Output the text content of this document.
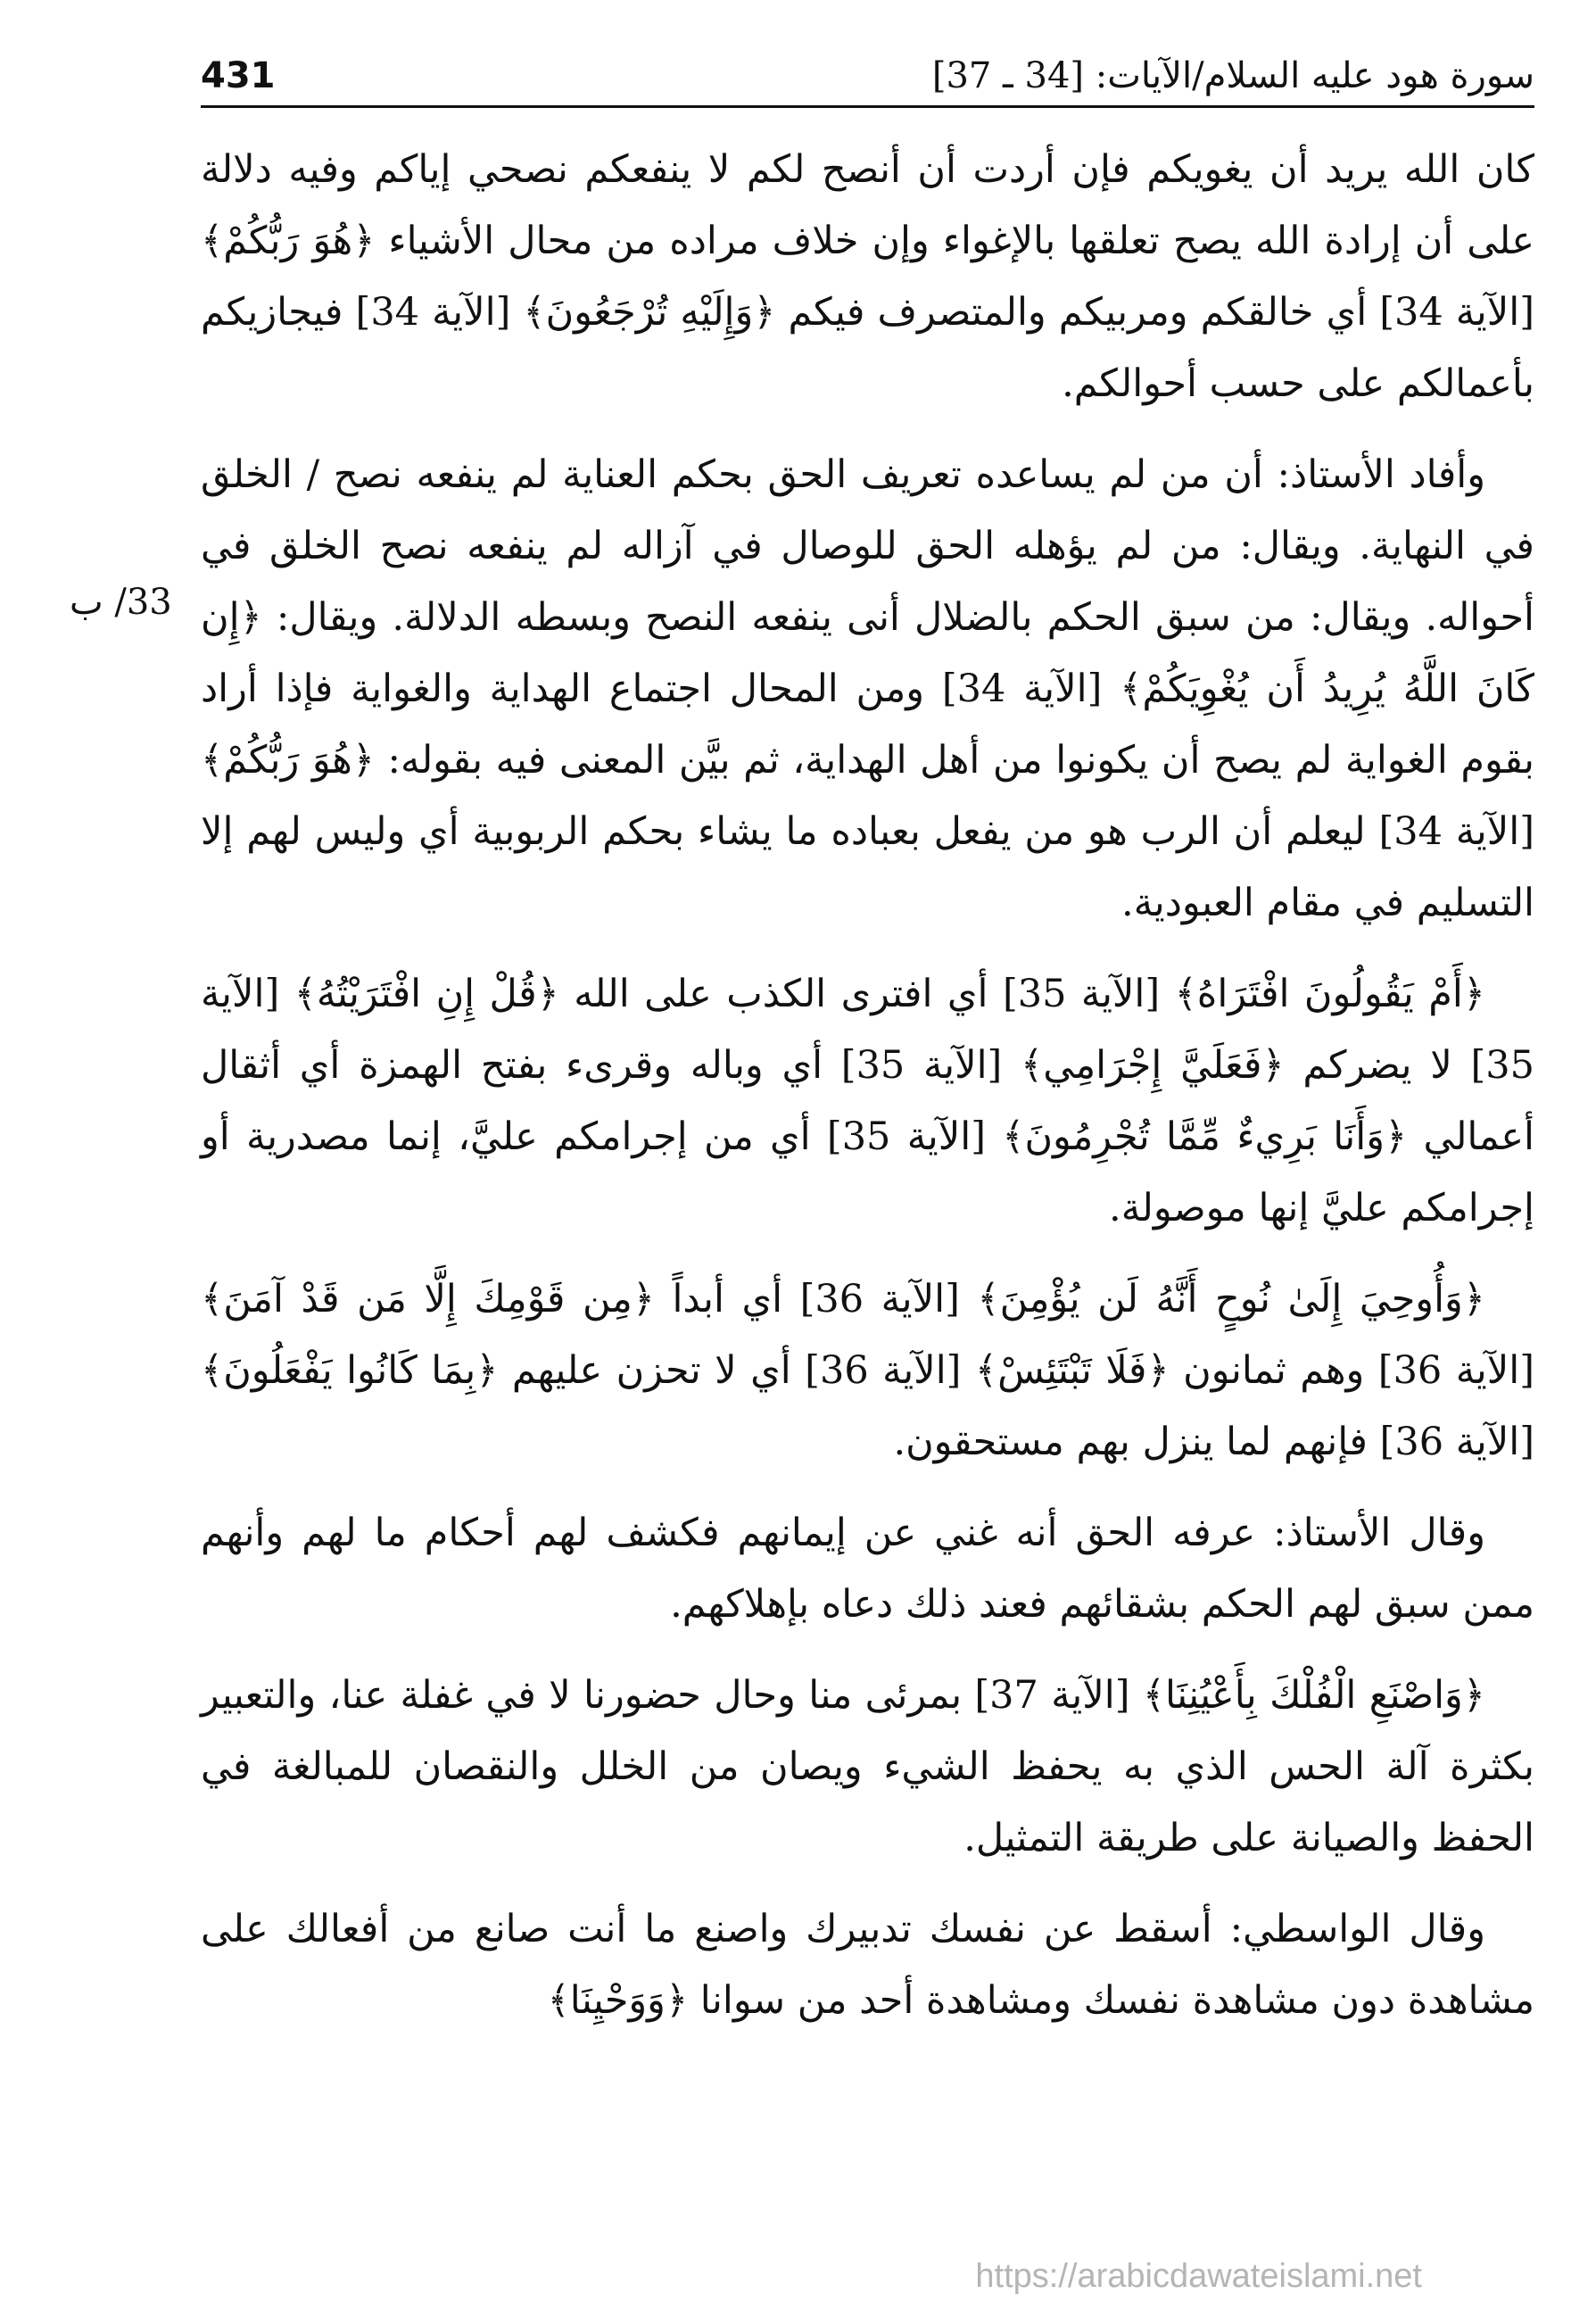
431	سورة هود عليه السلام/الآيات: [34 ـ 37]
33/ ب

كان الله يريد أن يغويكم فإن أردت أن أنصح لكم لا ينفعكم نصحي إياكم وفيه دلالة على أن إرادة الله يصح تعلقها بالإغواء وإن خلاف مراده من محال الأشياء ﴿هُوَ رَبُّكُمْ﴾ [الآية 34] أي خالقكم ومربيكم والمتصرف فيكم ﴿وَإِلَيْهِ تُرْجَعُونَ﴾ [الآية 34] فيجازيكم بأعمالكم على حسب أحوالكم.

وأفاد الأستاذ: أن من لم يساعده تعريف الحق بحكم العناية لم ينفعه نصح / الخلق في النهاية. ويقال: من لم يؤهله الحق للوصال في آزاله لم ينفعه نصح الخلق في أحواله. ويقال: من سبق الحكم بالضلال أنى ينفعه النصح وبسطه الدلالة. ويقال: ﴿إِن كَانَ اللَّهُ يُرِيدُ أَن يُغْوِيَكُمْ﴾ [الآية 34] ومن المحال اجتماع الهداية والغواية فإذا أراد بقوم الغواية لم يصح أن يكونوا من أهل الهداية، ثم بيَّن المعنى فيه بقوله: ﴿هُوَ رَبُّكُمْ﴾ [الآية 34] ليعلم أن الرب هو من يفعل بعباده ما يشاء بحكم الربوبية أي وليس لهم إلا التسليم في مقام العبودية.

﴿أَمْ يَقُولُونَ افْتَرَاهُ﴾ [الآية 35] أي افترى الكذب على الله ﴿قُلْ إِنِ افْتَرَيْتُهُ﴾ [الآية 35] لا يضركم ﴿فَعَلَيَّ إِجْرَامِي﴾ [الآية 35] أي وباله وقرىء بفتح الهمزة أي أثقال أعمالي ﴿وَأَنَا بَرِيءٌ مِّمَّا تُجْرِمُونَ﴾ [الآية 35] أي من إجرامكم عليَّ، إنما مصدرية أو إجرامكم عليَّ إنها موصولة.

﴿وَأُوحِيَ إِلَىٰ نُوحٍ أَنَّهُ لَن يُؤْمِنَ﴾ [الآية 36] أي أبداً ﴿مِن قَوْمِكَ إِلَّا مَن قَدْ آمَنَ﴾ [الآية 36] وهم ثمانون ﴿فَلَا تَبْتَئِسْ﴾ [الآية 36] أي لا تحزن عليهم ﴿بِمَا كَانُوا يَفْعَلُونَ﴾ [الآية 36] فإنهم لما ينزل بهم مستحقون.

وقال الأستاذ: عرفه الحق أنه غني عن إيمانهم فكشف لهم أحكام ما لهم وأنهم ممن سبق لهم الحكم بشقائهم فعند ذلك دعاه بإهلاكهم.

﴿وَاصْنَعِ الْفُلْكَ بِأَعْيُنِنَا﴾ [الآية 37] بمرئى منا وحال حضورنا لا في غفلة عنا، والتعبير بكثرة آلة الحس الذي به يحفظ الشيء ويصان من الخلل والنقصان للمبالغة في الحفظ والصيانة على طريقة التمثيل.

وقال الواسطي: أسقط عن نفسك تدبيرك واصنع ما أنت صانع من أفعالك على مشاهدة دون مشاهدة نفسك ومشاهدة أحد من سوانا ﴿وَوَحْيِنَا﴾

https://arabicdawateislami.net
